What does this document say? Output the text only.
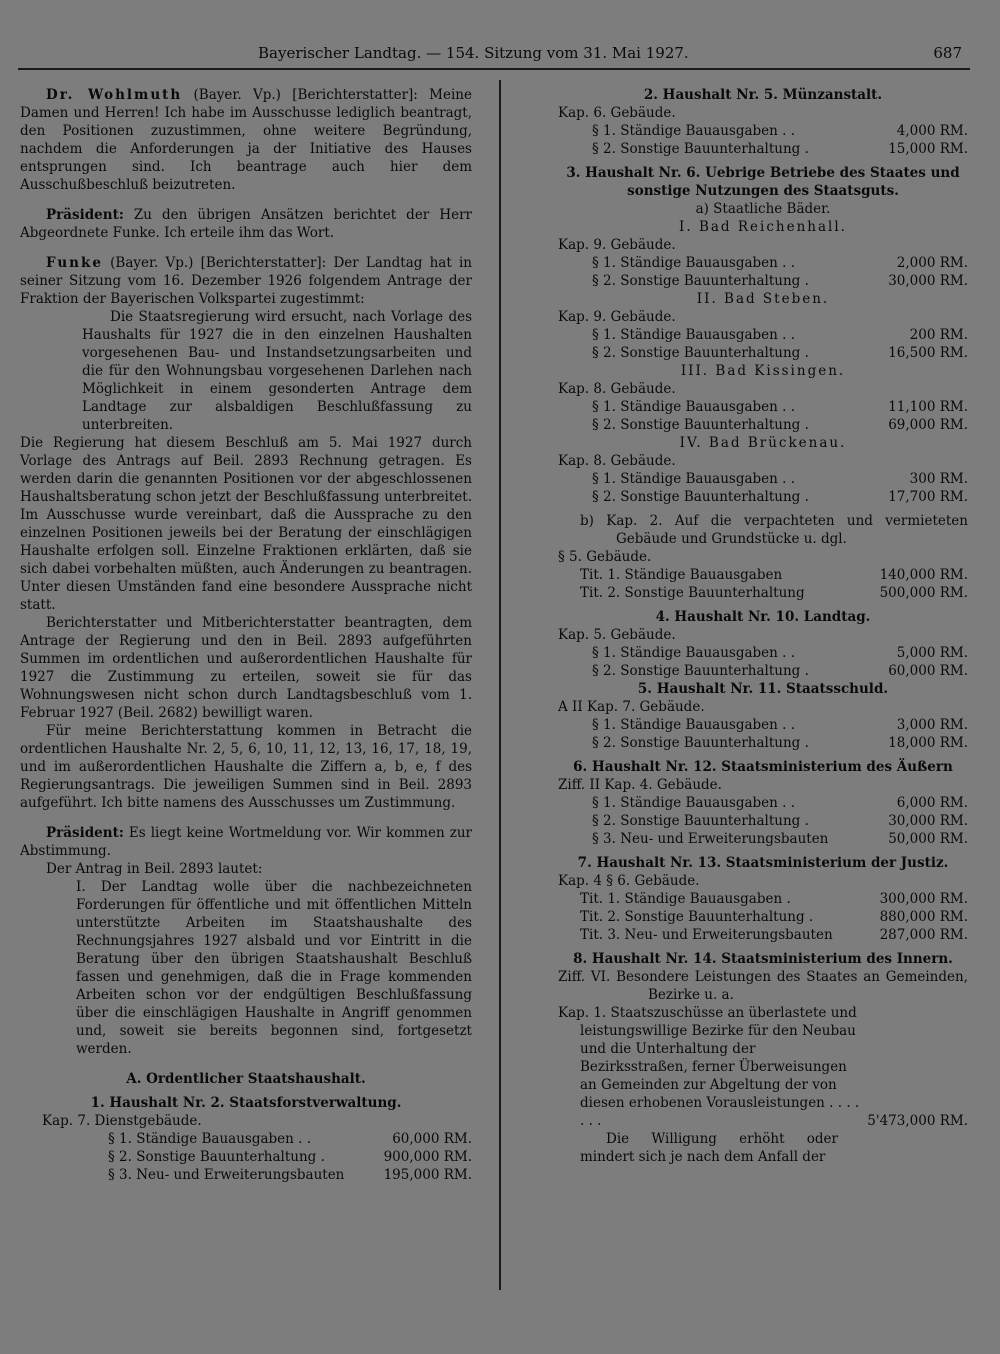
Bayerischer Landtag. — 154. Sitzung vom 31. Mai 1927.	687

Dr. Wohlmuth (Bayer. Vp.) [Berichterstatter]: Meine Damen und Herren! Ich habe im Ausschusse lediglich beantragt, den Positionen zuzustimmen, ohne weitere Begründung, nachdem die Anforderungen ja der Initiative des Hauses entsprungen sind. Ich beantrage auch hier dem Ausschußbeschluß beizutreten.

Präsident: Zu den übrigen Ansätzen berichtet der Herr Abgeordnete Funke. Ich erteile ihm das Wort.

Funke (Bayer. Vp.) [Berichterstatter]: Der Landtag hat in seiner Sitzung vom 16. Dezember 1926 folgendem Antrage der Fraktion der Bayerischen Volkspartei zugestimmt:

Die Staatsregierung wird ersucht, nach Vorlage des Haushalts für 1927 die in den einzelnen Haushalten vorgesehenen Bau- und Instandsetzungsarbeiten und die für den Wohnungsbau vorgesehenen Darlehen nach Möglichkeit in einem gesonderten Antrage dem Landtage zur alsbaldigen Beschlußfassung zu unterbreiten.

Die Regierung hat diesem Beschluß am 5. Mai 1927 durch Vorlage des Antrags auf Beil. 2893 Rechnung getragen. Es werden darin die genannten Positionen vor der abgeschlossenen Haushaltsberatung schon jetzt der Beschlußfassung unterbreitet. Im Ausschusse wurde vereinbart, daß die Aussprache zu den einzelnen Positionen jeweils bei der Beratung der einschlägigen Haushalte erfolgen soll. Einzelne Fraktionen erklärten, daß sie sich dabei vorbehalten müßten, auch Änderungen zu beantragen. Unter diesen Umständen fand eine besondere Aussprache nicht statt.

Berichterstatter und Mitberichterstatter beantragten, dem Antrage der Regierung und den in Beil. 2893 aufgeführten Summen im ordentlichen und außerordentlichen Haushalte für 1927 die Zustimmung zu erteilen, soweit sie für das Wohnungswesen nicht schon durch Landtagsbeschluß vom 1. Februar 1927 (Beil. 2682) bewilligt waren.

Für meine Berichterstattung kommen in Betracht die ordentlichen Haushalte Nr. 2, 5, 6, 10, 11, 12, 13, 16, 17, 18, 19, und im außerordentlichen Haushalte die Ziffern a, b, e, f des Regierungsantrags. Die jeweiligen Summen sind in Beil. 2893 aufgeführt. Ich bitte namens des Ausschusses um Zustimmung.

Präsident: Es liegt keine Wortmeldung vor. Wir kommen zur Abstimmung.

Der Antrag in Beil. 2893 lautet:

I. Der Landtag wolle über die nachbezeichneten Forderungen für öffentliche und mit öffentlichen Mitteln unterstützte Arbeiten im Staatshaushalte des Rechnungsjahres 1927 alsbald und vor Eintritt in die Beratung über den übrigen Staatshaushalt Beschluß fassen und genehmigen, daß die in Frage kommenden Arbeiten schon vor der endgültigen Beschlußfassung über die einschlägigen Haushalte in Angriff genommen und, soweit sie bereits begonnen sind, fortgesetzt werden.

A. Ordentlicher Staatshaushalt.
1. Haushalt Nr. 2. Staatsforstverwaltung.
Kap. 7. Dienstgebäude.
§ 1. Ständige Bauausgaben . .	60,000 RM.
§ 2. Sonstige Bauunterhaltung .	900,000 RM.
§ 3. Neu- und Erweiterungsbauten	195,000 RM.
2. Haushalt Nr. 5. Münzanstalt.
Kap. 6. Gebäude.
§ 1. Ständige Bauausgaben . .	4,000 RM.
§ 2. Sonstige Bauunterhaltung .	15,000 RM.
3. Haushalt Nr. 6. Uebrige Betriebe des Staates und sonstige Nutzungen des Staatsguts.
a) Staatliche Bäder.
I. Bad Reichenhall.
Kap. 9. Gebäude.
§ 1. Ständige Bauausgaben . .	2,000 RM.
§ 2. Sonstige Bauunterhaltung .	30,000 RM.
II. Bad Steben.
Kap. 9. Gebäude.
§ 1. Ständige Bauausgaben . .	200 RM.
§ 2. Sonstige Bauunterhaltung .	16,500 RM.
III. Bad Kissingen.
Kap. 8. Gebäude.
§ 1. Ständige Bauausgaben . .	11,100 RM.
§ 2. Sonstige Bauunterhaltung .	69,000 RM.
IV. Bad Brückenau.
Kap. 8. Gebäude.
§ 1. Ständige Bauausgaben . .	300 RM.
§ 2. Sonstige Bauunterhaltung .	17,700 RM.

b) Kap. 2. Auf die verpachteten und vermieteten Gebäude und Grundstücke u. dgl.

§ 5. Gebäude.
Tit. 1. Ständige Bauausgaben	140,000 RM.
Tit. 2. Sonstige Bauunterhaltung	500,000 RM.
4. Haushalt Nr. 10. Landtag.
Kap. 5. Gebäude.
§ 1. Ständige Bauausgaben . .	5,000 RM.
§ 2. Sonstige Bauunterhaltung .	60,000 RM.
5. Haushalt Nr. 11. Staatsschuld.
A II Kap. 7. Gebäude.
§ 1. Ständige Bauausgaben . .	3,000 RM.
§ 2. Sonstige Bauunterhaltung .	18,000 RM.
6. Haushalt Nr. 12. Staatsministerium des Äußern
Ziff. II Kap. 4. Gebäude.
§ 1. Ständige Bauausgaben . .	6,000 RM.
§ 2. Sonstige Bauunterhaltung .	30,000 RM.
§ 3. Neu- und Erweiterungsbauten	50,000 RM.
7. Haushalt Nr. 13. Staatsministerium der Justiz.
Kap. 4 § 6. Gebäude.
Tit. 1. Ständige Bauausgaben .	300,000 RM.
Tit. 2. Sonstige Bauunterhaltung .	880,000 RM.
Tit. 3. Neu- und Erweiterungsbauten	287,000 RM.
8. Haushalt Nr. 14. Staatsministerium des Innern.

Ziff. VI. Besondere Leistungen des Staates an Gemeinden, Bezirke u. a.

Kap. 1. Staatszuschüsse an überlastete und leistungswillige Bezirke für den Neubau und die Unterhaltung der Bezirksstraßen, ferner Überweisungen an Gemeinden zur Abgeltung der von diesen erhobenen Vorausleistungen . . . . . . .	5'473,000 RM.

Die Willigung erhöht oder mindert sich je nach dem Anfall der
